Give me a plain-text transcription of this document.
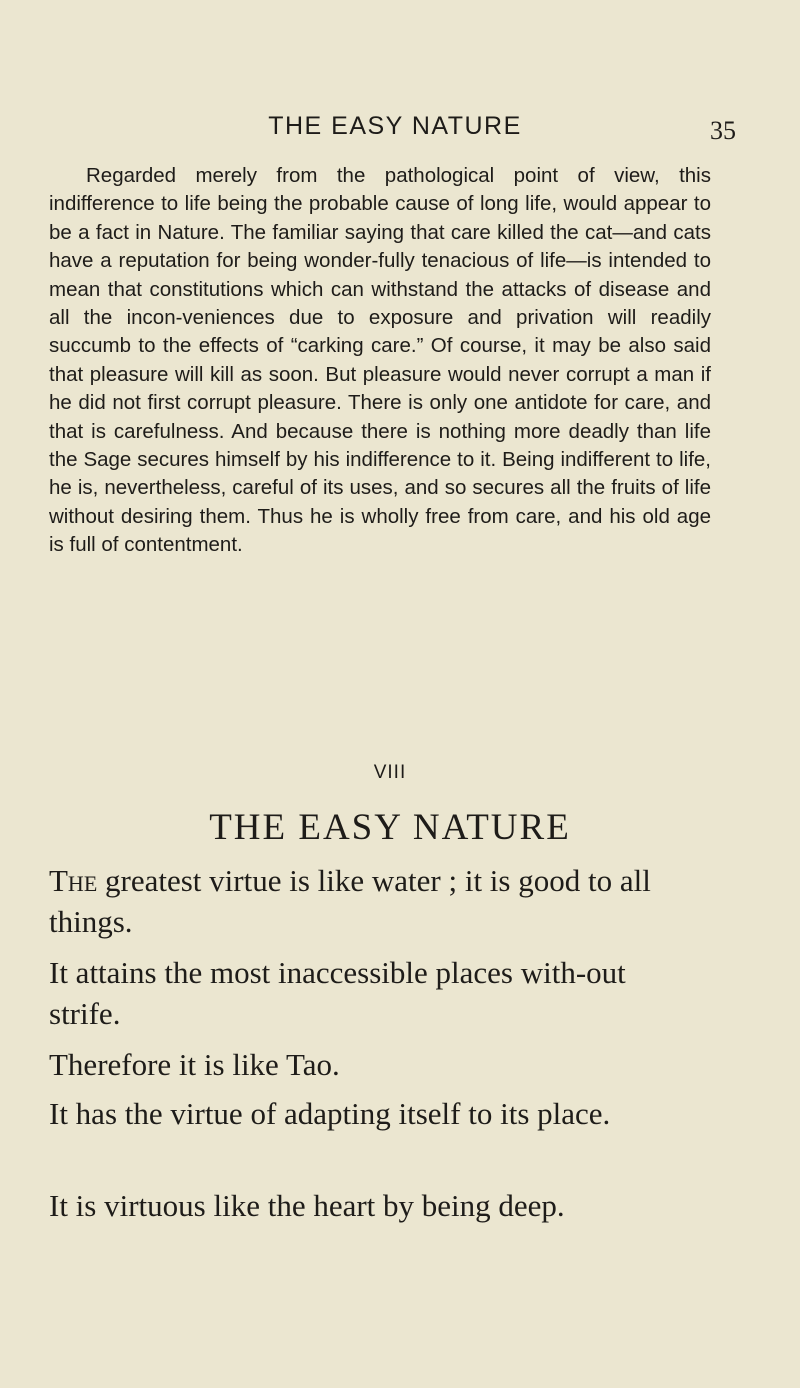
THE EASY NATURE	35

Regarded merely from the pathological point of view, this indifference to life being the probable cause of long life, would appear to be a fact in Nature. The familiar saying that care killed the cat—and cats have a reputation for being wonder-fully tenacious of life—is intended to mean that constitutions which can withstand the attacks of disease and all the incon-veniences due to exposure and privation will readily succumb to the effects of “carking care.” Of course, it may be also said that pleasure will kill as soon. But pleasure would never corrupt a man if he did not first corrupt pleasure. There is only one antidote for care, and that is carefulness. And because there is nothing more deadly than life the Sage secures himself by his indifference to it. Being indifferent to life, he is, nevertheless, careful of its uses, and so secures all the fruits of life without desiring them. Thus he is wholly free from care, and his old age is full of contentment.

VIII
THE EASY NATURE

The greatest virtue is like water ; it is good to all things.

It attains the most inaccessible places with-out strife.

Therefore it is like Tao.

It has the virtue of adapting itself to its place.

It is virtuous like the heart by being deep.
